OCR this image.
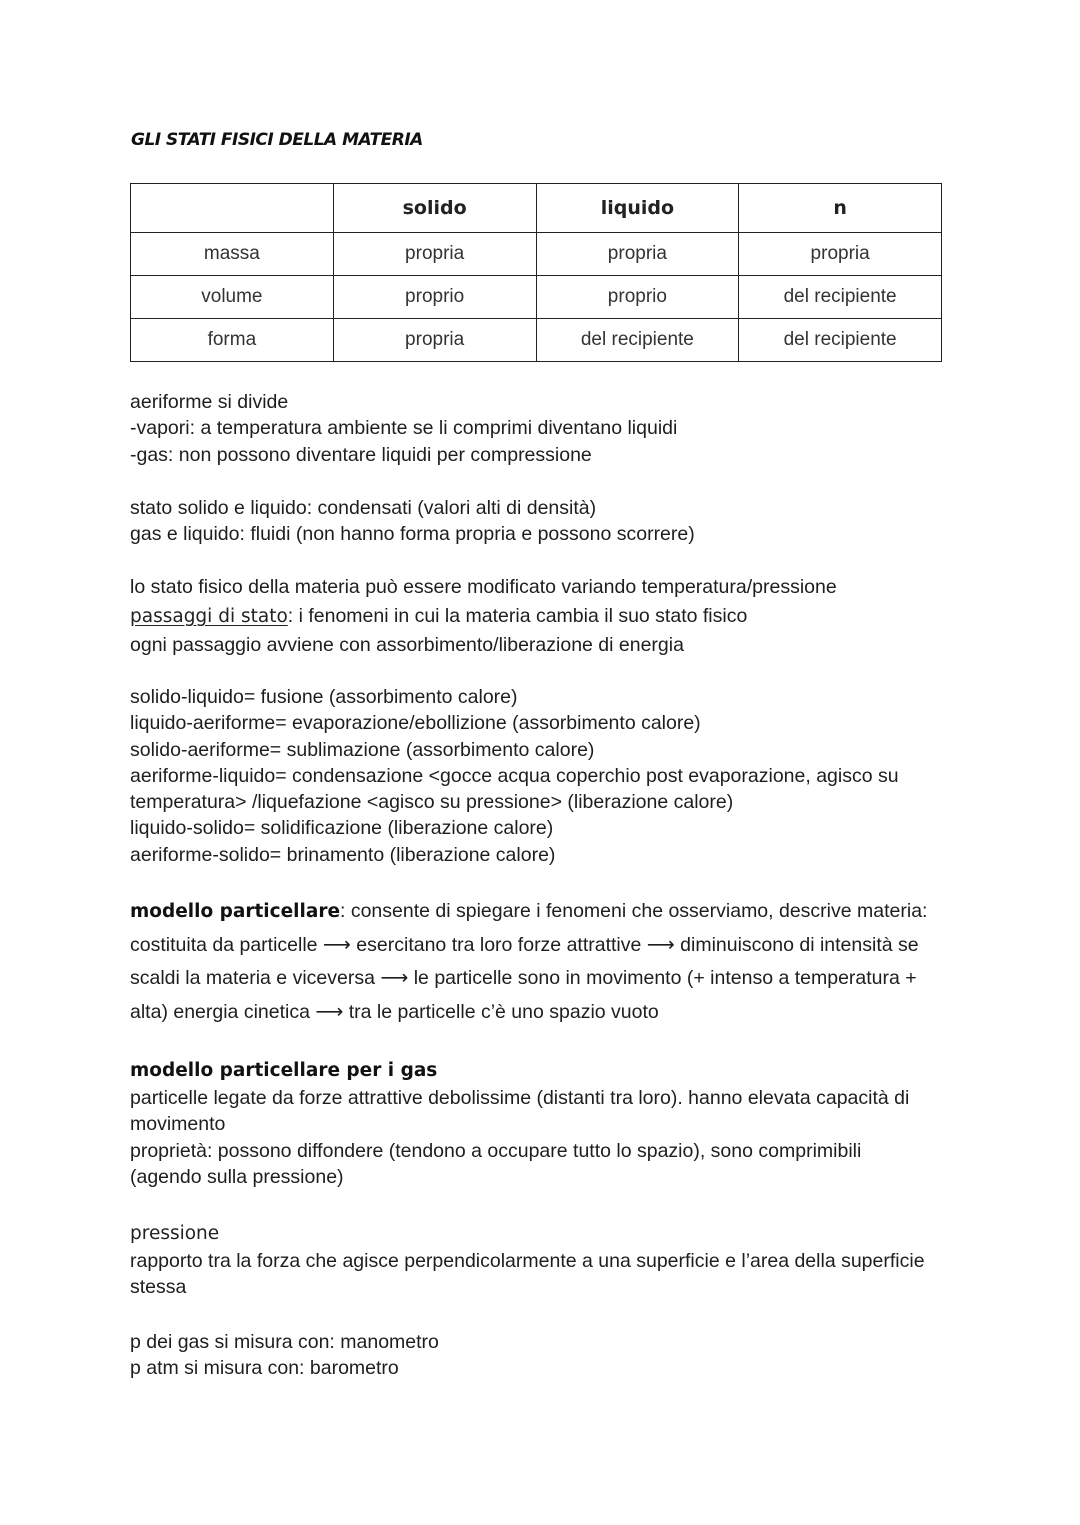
GLI STATI FISICI DELLA MATERIA
	solido	liquido	n
massa	propria	propria	propria
volume	proprio	proprio	del recipiente
forma	propria	del recipiente	del recipiente

aeriforme si divide

-vapori: a temperatura ambiente se li comprimi diventano liquidi

-gas: non possono diventare liquidi per compressione

stato solido e liquido: condensati (valori alti di densità)

gas e liquido: fluidi (non hanno forma propria e possono scorrere)

lo stato fisico della materia può essere modificato variando temperatura/pressione

passaggi di stato: i fenomeni in cui la materia cambia il suo stato fisico

ogni passaggio avviene con assorbimento/liberazione di energia

solido-liquido= fusione (assorbimento calore)

liquido-aeriforme= evaporazione/ebollizione (assorbimento calore)

solido-aeriforme= sublimazione (assorbimento calore)

aeriforme-liquido= condensazione <gocce acqua coperchio post evaporazione, agisco su

temperatura> /liquefazione <agisco su pressione> (liberazione calore)

liquido-solido= solidificazione (liberazione calore)

aeriforme-solido= brinamento (liberazione calore)

modello particellare: consente di spiegare i fenomeni che osserviamo, descrive materia:

costituita da particelle ⟶ esercitano tra loro forze attrattive ⟶ diminuiscono di intensità se

scaldi la materia e viceversa ⟶ le particelle sono in movimento (+ intenso a temperatura +

alta) energia cinetica ⟶ tra le particelle c’è uno spazio vuoto

modello particellare per i gas

particelle legate da forze attrattive debolissime (distanti tra loro). hanno elevata capacità di

movimento

proprietà: possono diffondere (tendono a occupare tutto lo spazio), sono comprimibili

(agendo sulla pressione)

pressione

rapporto tra la forza che agisce perpendicolarmente a una superficie e l’area della superficie

stessa

p dei gas si misura con: manometro

p atm si misura con: barometro
